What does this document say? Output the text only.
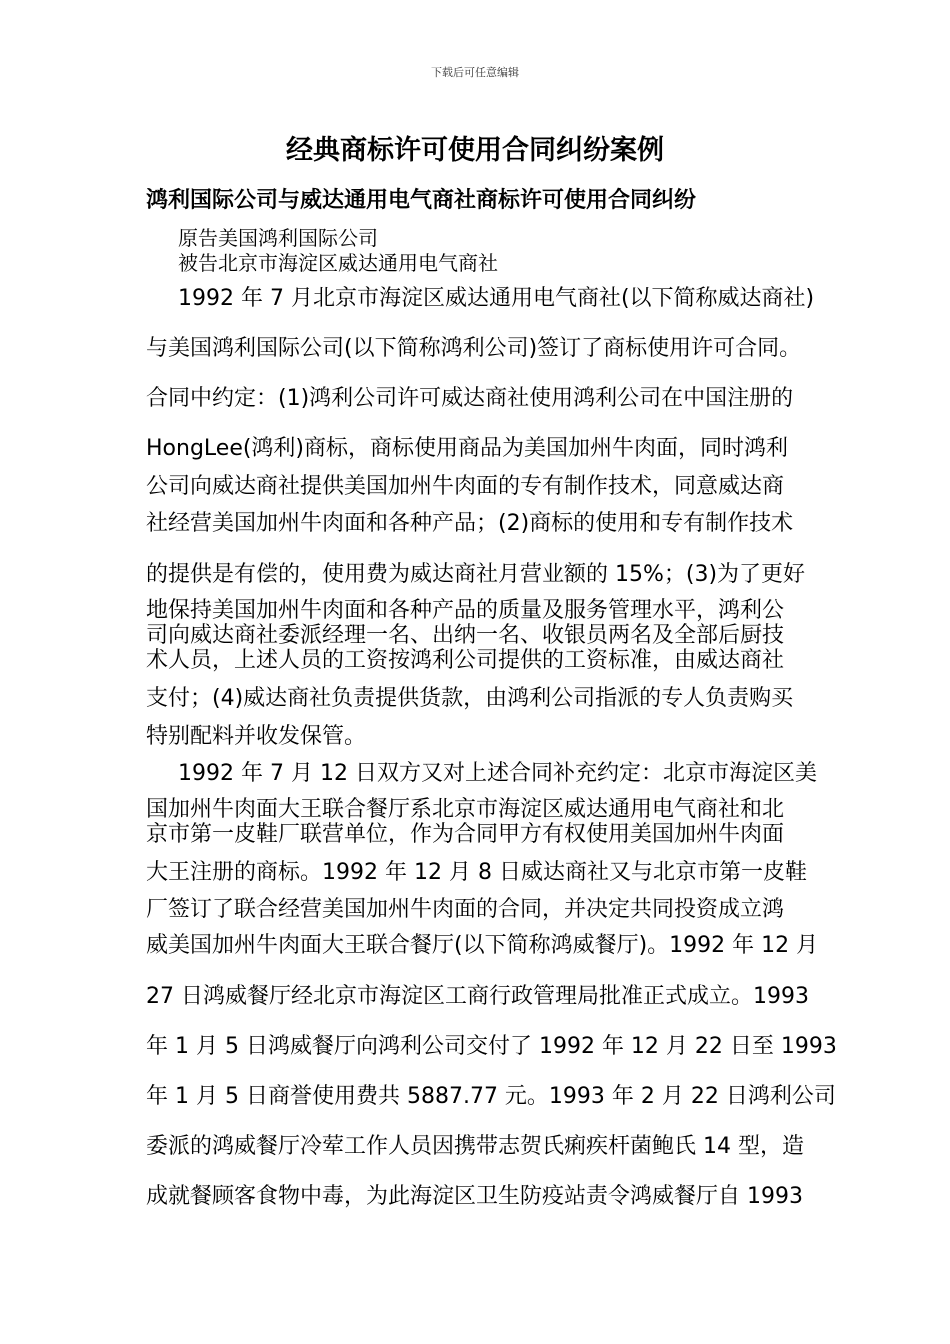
下载后可任意编辑
经典商标许可使用合同纠纷案例
鸿利国际公司与威达通用电气商社商标许可使用合同纠纷
原告美国鸿利国际公司
被告北京市海淀区威达通用电气商社

1992 年 7 月北京市海淀区威达通用电气商社(以下简称威达商社)

与美国鸿利国际公司(以下简称鸿利公司)签订了商标使用许可合同。

合同中约定：(1)鸿利公司许可威达商社使用鸿利公司在中国注册的

HongLee(鸿利)商标，商标使用商品为美国加州牛肉面，同时鸿利

公司向威达商社提供美国加州牛肉面的专有制作技术，同意威达商

社经营美国加州牛肉面和各种产品；(2)商标的使用和专有制作技术

的提供是有偿的，使用费为威达商社月营业额的 15%；(3)为了更好

地保持美国加州牛肉面和各种产品的质量及服务管理水平，鸿利公

司向威达商社委派经理一名、出纳一名、收银员两名及全部后厨技

术人员，上述人员的工资按鸿利公司提供的工资标准，由威达商社

支付；(4)威达商社负责提供货款，由鸿利公司指派的专人负责购买

特别配料并收发保管。

1992 年 7 月 12 日双方又对上述合同补充约定：北京市海淀区美

国加州牛肉面大王联合餐厅系北京市海淀区威达通用电气商社和北

京市第一皮鞋厂联营单位，作为合同甲方有权使用美国加州牛肉面

大王注册的商标。1992 年 12 月 8 日威达商社又与北京市第一皮鞋

厂签订了联合经营美国加州牛肉面的合同，并决定共同投资成立鸿

威美国加州牛肉面大王联合餐厅(以下简称鸿威餐厅)。1992 年 12 月

27 日鸿威餐厅经北京市海淀区工商行政管理局批准正式成立。1993

年 1 月 5 日鸿威餐厅向鸿利公司交付了 1992 年 12 月 22 日至 1993

年 1 月 5 日商誉使用费共 5887.77 元。1993 年 2 月 22 日鸿利公司

委派的鸿威餐厅冷荤工作人员因携带志贺氏痢疾杆菌鲍氏 14 型，造

成就餐顾客食物中毒，为此海淀区卫生防疫站责令鸿威餐厅自 1993
